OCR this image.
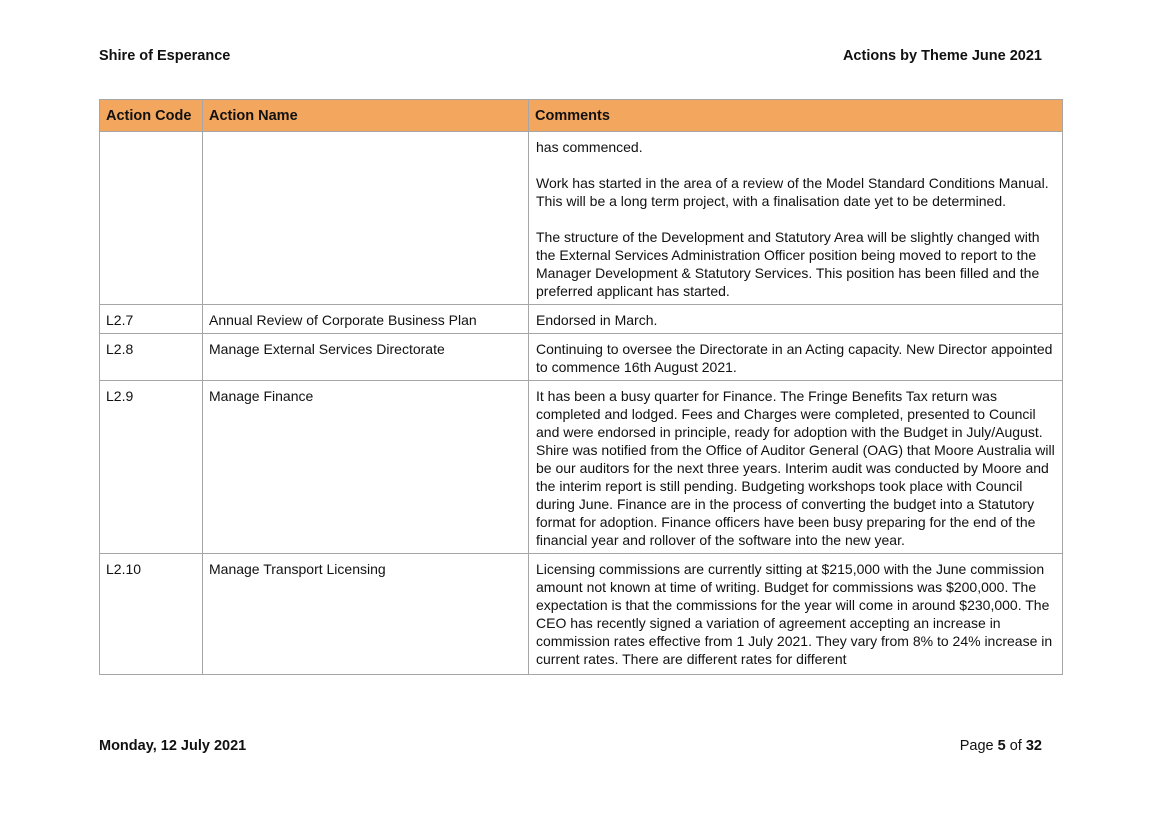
Shire of Esperance	Actions by Theme June 2021
Action Code	Action Name	Comments

		has commenced.
Work has started in the area of a review of the Model Standard Conditions Manual. This will be a long term project, with a finalisation date yet to be determined.
The structure of the Development and Statutory Area will be slightly changed with the External Services Administration Officer position being moved to report to the Manager Development & Statutory Services. This position has been filled and the preferred applicant has started.

L2.7	Annual Review of Corporate Business Plan	Endorsed in March.

L2.8	Manage External Services Directorate	Continuing to oversee the Directorate in an Acting capacity. New Director appointed to commence 16th August 2021.

L2.9	Manage Finance	It has been a busy quarter for Finance. The Fringe Benefits Tax return was completed and lodged. Fees and Charges were completed, presented to Council and were endorsed in principle, ready for adoption with the Budget in July/August. Shire was notified from the Office of Auditor General (OAG) that Moore Australia will be our auditors for the next three years. Interim audit was conducted by Moore and the interim report is still pending. Budgeting workshops took place with Council during June. Finance are in the process of converting the budget into a Statutory format for adoption. Finance officers have been busy preparing for the end of the financial year and rollover of the software into the new year.

L2.10	Manage Transport Licensing	Licensing commissions are currently sitting at $215,000 with the June commission amount not known at time of writing. Budget for commissions was $200,000. The expectation is that the commissions for the year will come in around $230,000. The CEO has recently signed a variation of agreement accepting an increase in commission rates effective from 1 July 2021. They vary from 8% to 24% increase in current rates. There are different rates for different
Monday, 12 July 2021	Page 5 of 32
